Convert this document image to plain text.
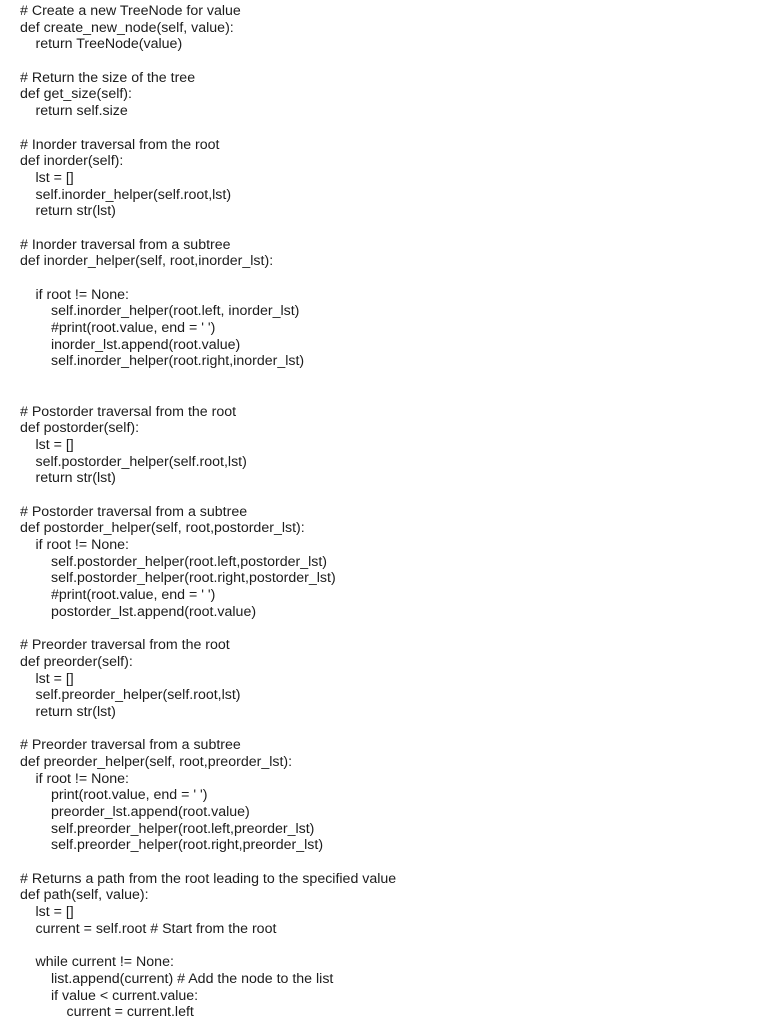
# Create a new TreeNode for value
def create_new_node(self, value):
return TreeNode(value)
# Return the size of the tree
def get_size(self):
return self.size
# Inorder traversal from the root
def inorder(self):
lst = []
self.inorder_helper(self.root,lst)
return str(lst)
# Inorder traversal from a subtree
def inorder_helper(self, root,inorder_lst):
if root != None:
self.inorder_helper(root.left, inorder_lst)
#print(root.value, end = ' ')
inorder_lst.append(root.value)
self.inorder_helper(root.right,inorder_lst)
# Postorder traversal from the root
def postorder(self):
lst = []
self.postorder_helper(self.root,lst)
return str(lst)
# Postorder traversal from a subtree
def postorder_helper(self, root,postorder_lst):
if root != None:
self.postorder_helper(root.left,postorder_lst)
self.postorder_helper(root.right,postorder_lst)
#print(root.value, end = ' ')
postorder_lst.append(root.value)
# Preorder traversal from the root
def preorder(self):
lst = []
self.preorder_helper(self.root,lst)
return str(lst)
# Preorder traversal from a subtree
def preorder_helper(self, root,preorder_lst):
if root != None:
print(root.value, end = ' ')
preorder_lst.append(root.value)
self.preorder_helper(root.left,preorder_lst)
self.preorder_helper(root.right,preorder_lst)
# Returns a path from the root leading to the specified value
def path(self, value):
lst = []
current = self.root # Start from the root
while current != None:
list.append(current) # Add the node to the list
if value < current.value:
current = current.left
